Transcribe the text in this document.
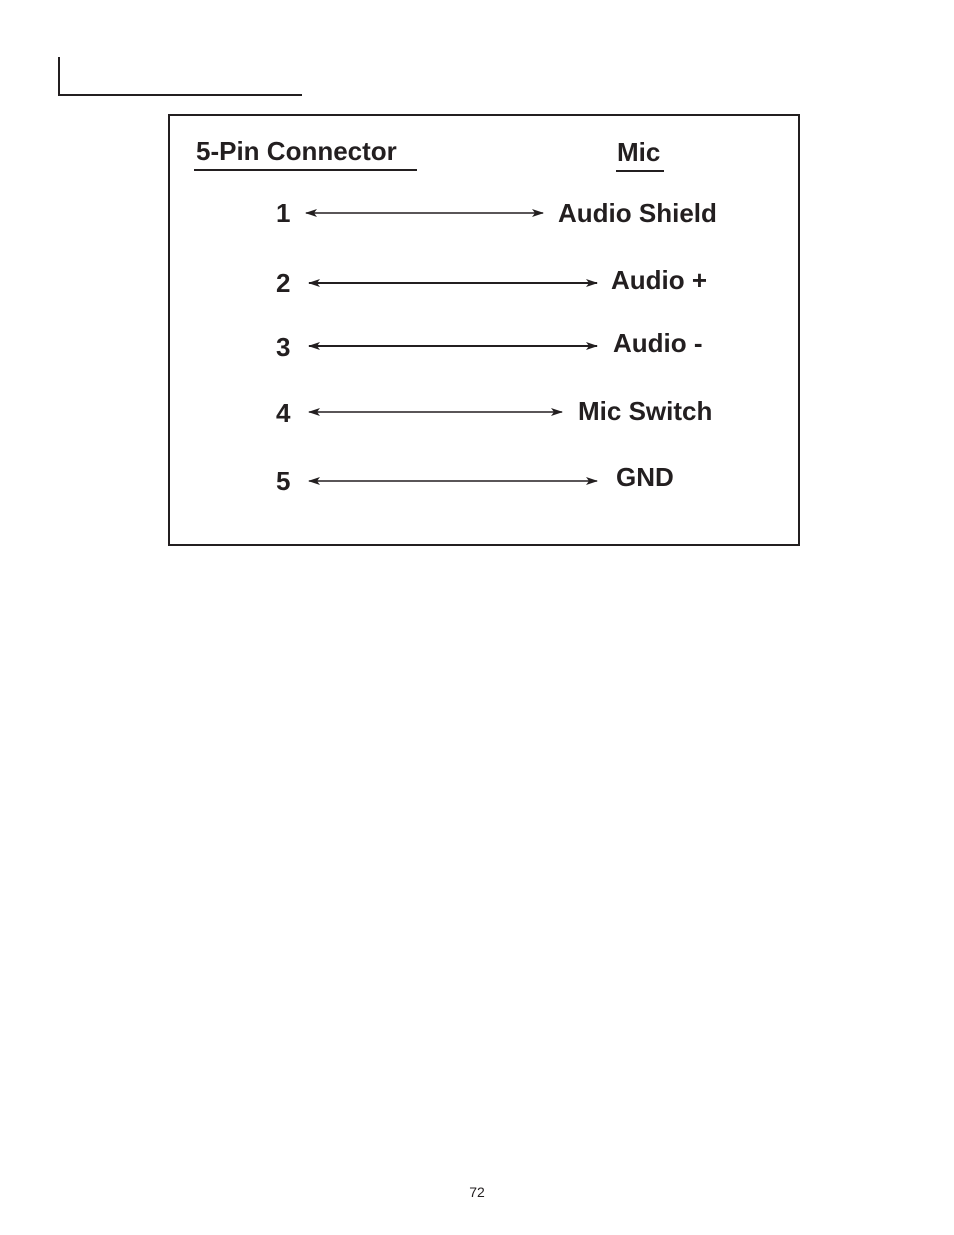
5-Pin Connector	Mic
1
2
3
4
5
Audio Shield
Audio +
Audio -
Mic Switch
GND
72
